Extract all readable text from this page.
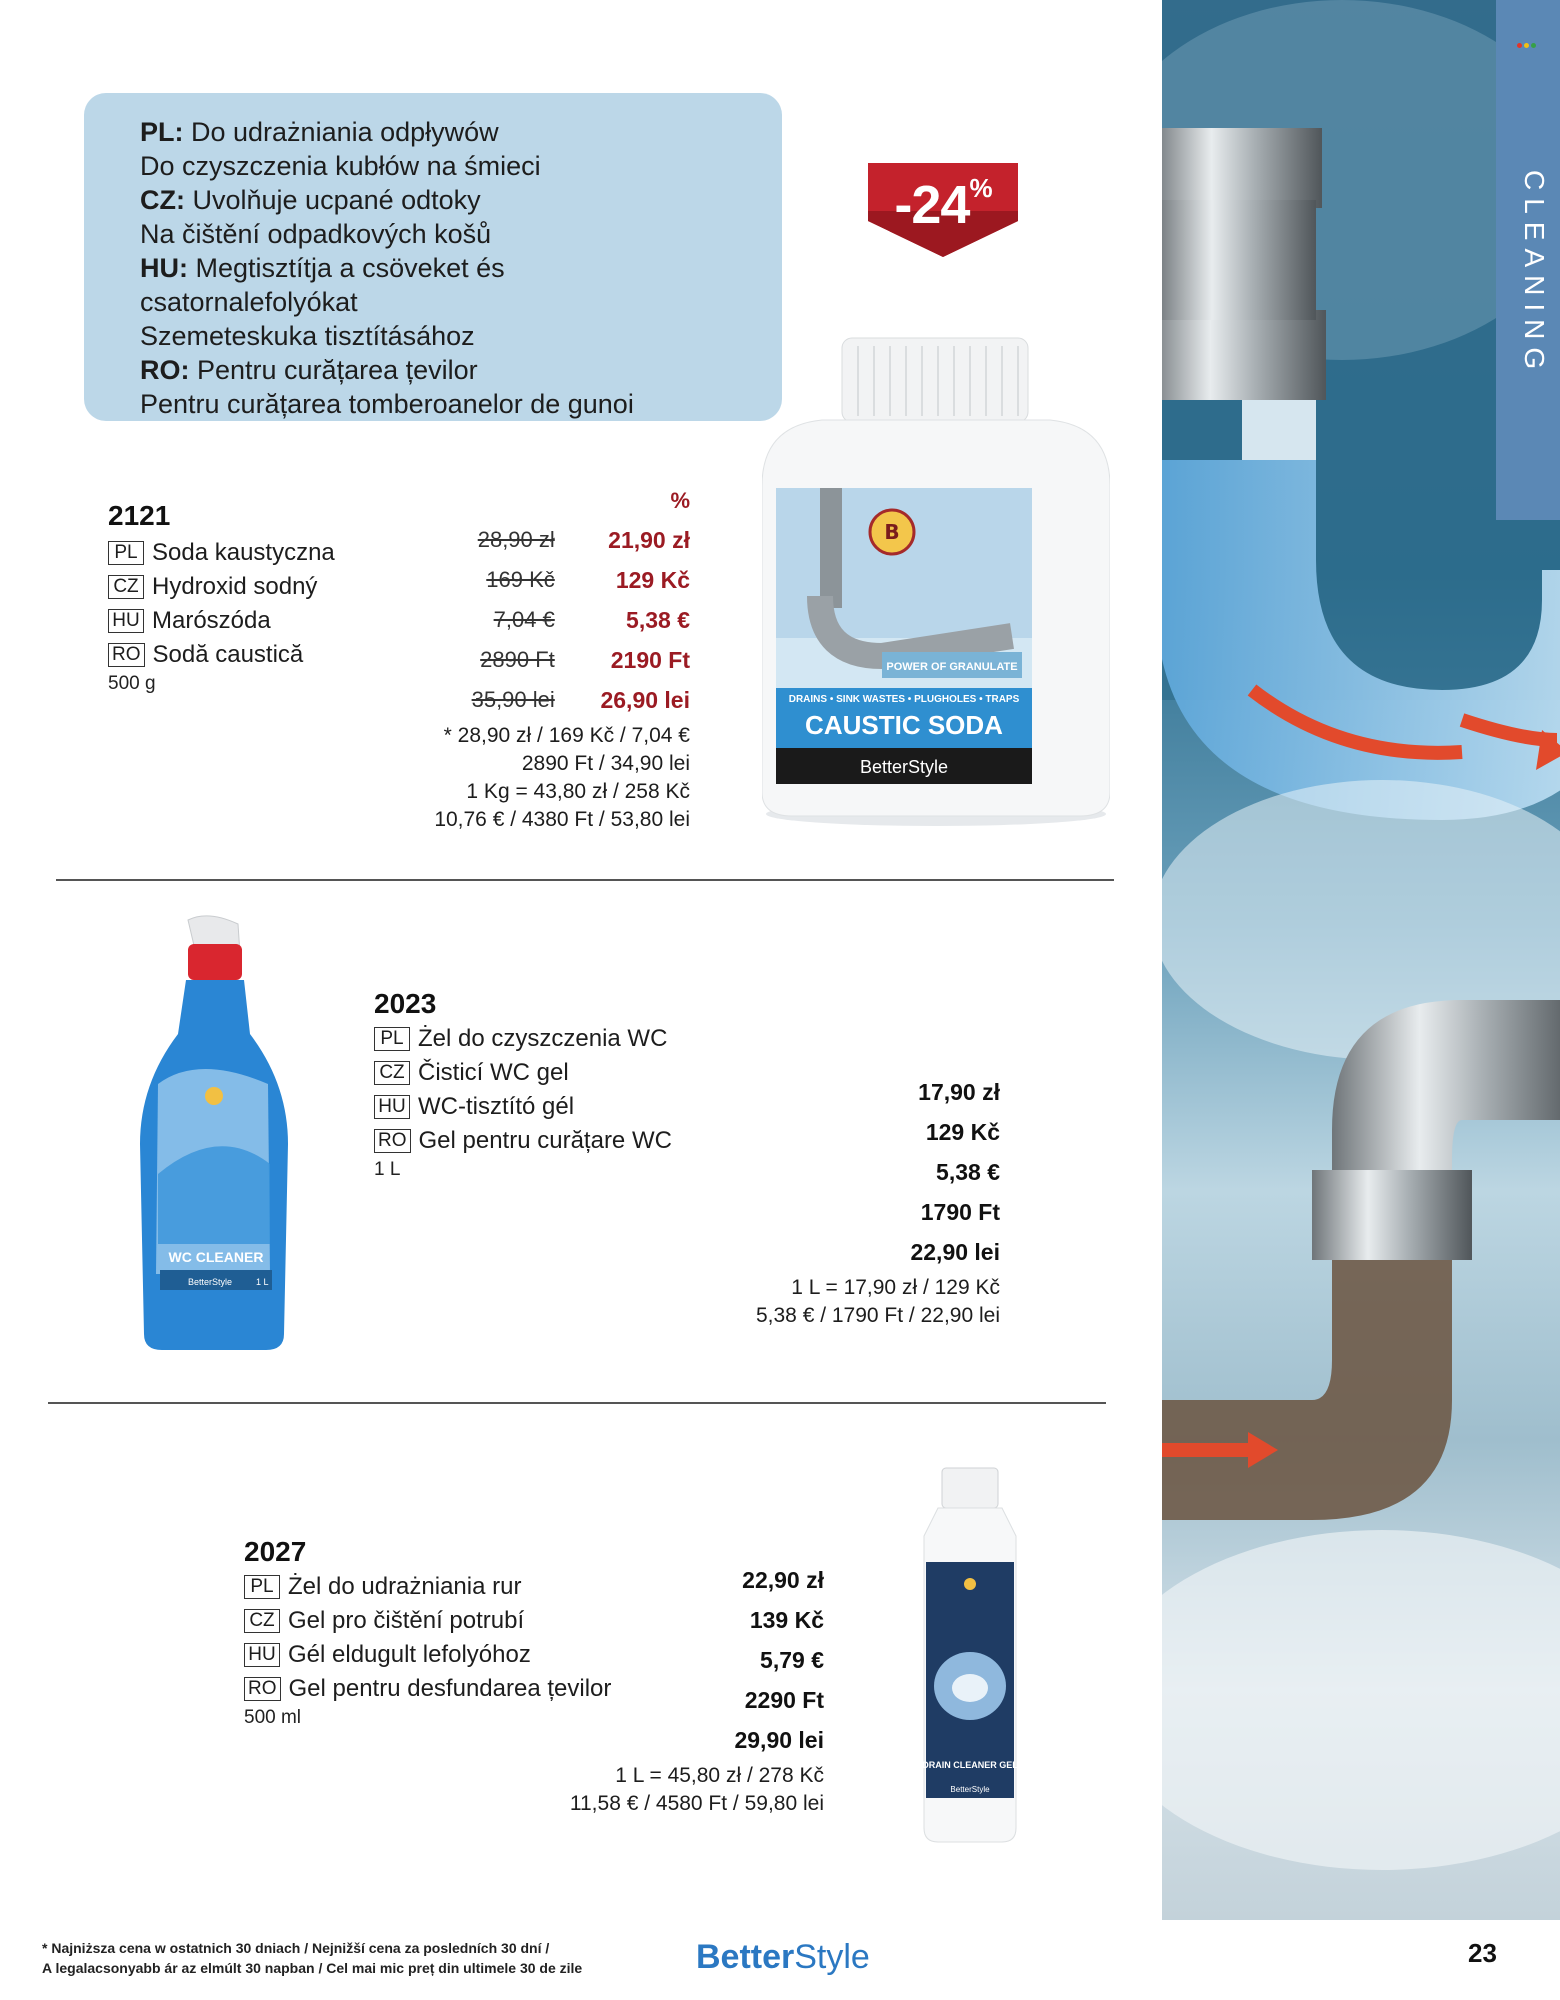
CLEANING
PL: Do udrażniania odpływów
Do czyszczenia kubłów na śmieci
CZ: Uvolňuje ucpané odtoky
Na čištění odpadkových košů
HU: Megtisztítja a csöveket és csatornalefolyókat
Szemeteskuka tisztításához
RO: Pentru curățarea țevilor
Pentru curățarea tomberoanelor de gunoi
-24%
2121
PL Soda kaustyczna
CZ Hydroxid sodný
HU Marószóda
RO Sodă caustică
500 g
%
28,90 zł	21,90 zł
169 Kč	129 Kč
7,04 €	5,38 €
2890 Ft	2190 Ft
35,90 lei	26,90 lei
* 28,90 zł / 169 Kč / 7,04 €
2890 Ft / 34,90 lei
1 Kg = 43,80 zł / 258 Kč
10,76 € / 4380 Ft / 53,80 lei
B
POWER OF GRANULATE
DRAINS • SINK WASTES • PLUGHOLES • TRAPS
CAUSTIC SODA
BetterStyle
WC CLEANER
BetterStyle	1 L
2023
PL Żel do czyszczenia WC
CZ Čisticí WC gel
HU WC-tisztító gél
RO Gel pentru curățare WC
1 L
17,90 zł
129 Kč
5,38 €
1790 Ft
22,90 lei
1 L = 17,90 zł / 129 Kč
5,38 € / 1790 Ft / 22,90 lei
2027
PL Żel do udrażniania rur
CZ Gel pro čištění potrubí
HU Gél eldugult lefolyóhoz
RO Gel pentru desfundarea țevilor
500 ml
22,90 zł
139 Kč
5,79 €
2290 Ft
29,90 lei
1 L = 45,80 zł / 278 Kč
11,58 € / 4580 Ft / 59,80 lei
DRAIN CLEANER GEL
BetterStyle
* Najniższa cena w ostatnich 30 dniach / Nejnižší cena za posledních 30 dní /
A legalacsonyabb ár az elmúlt 30 napban / Cel mai mic preț din ultimele 30 de zile	BetterStyle	23
